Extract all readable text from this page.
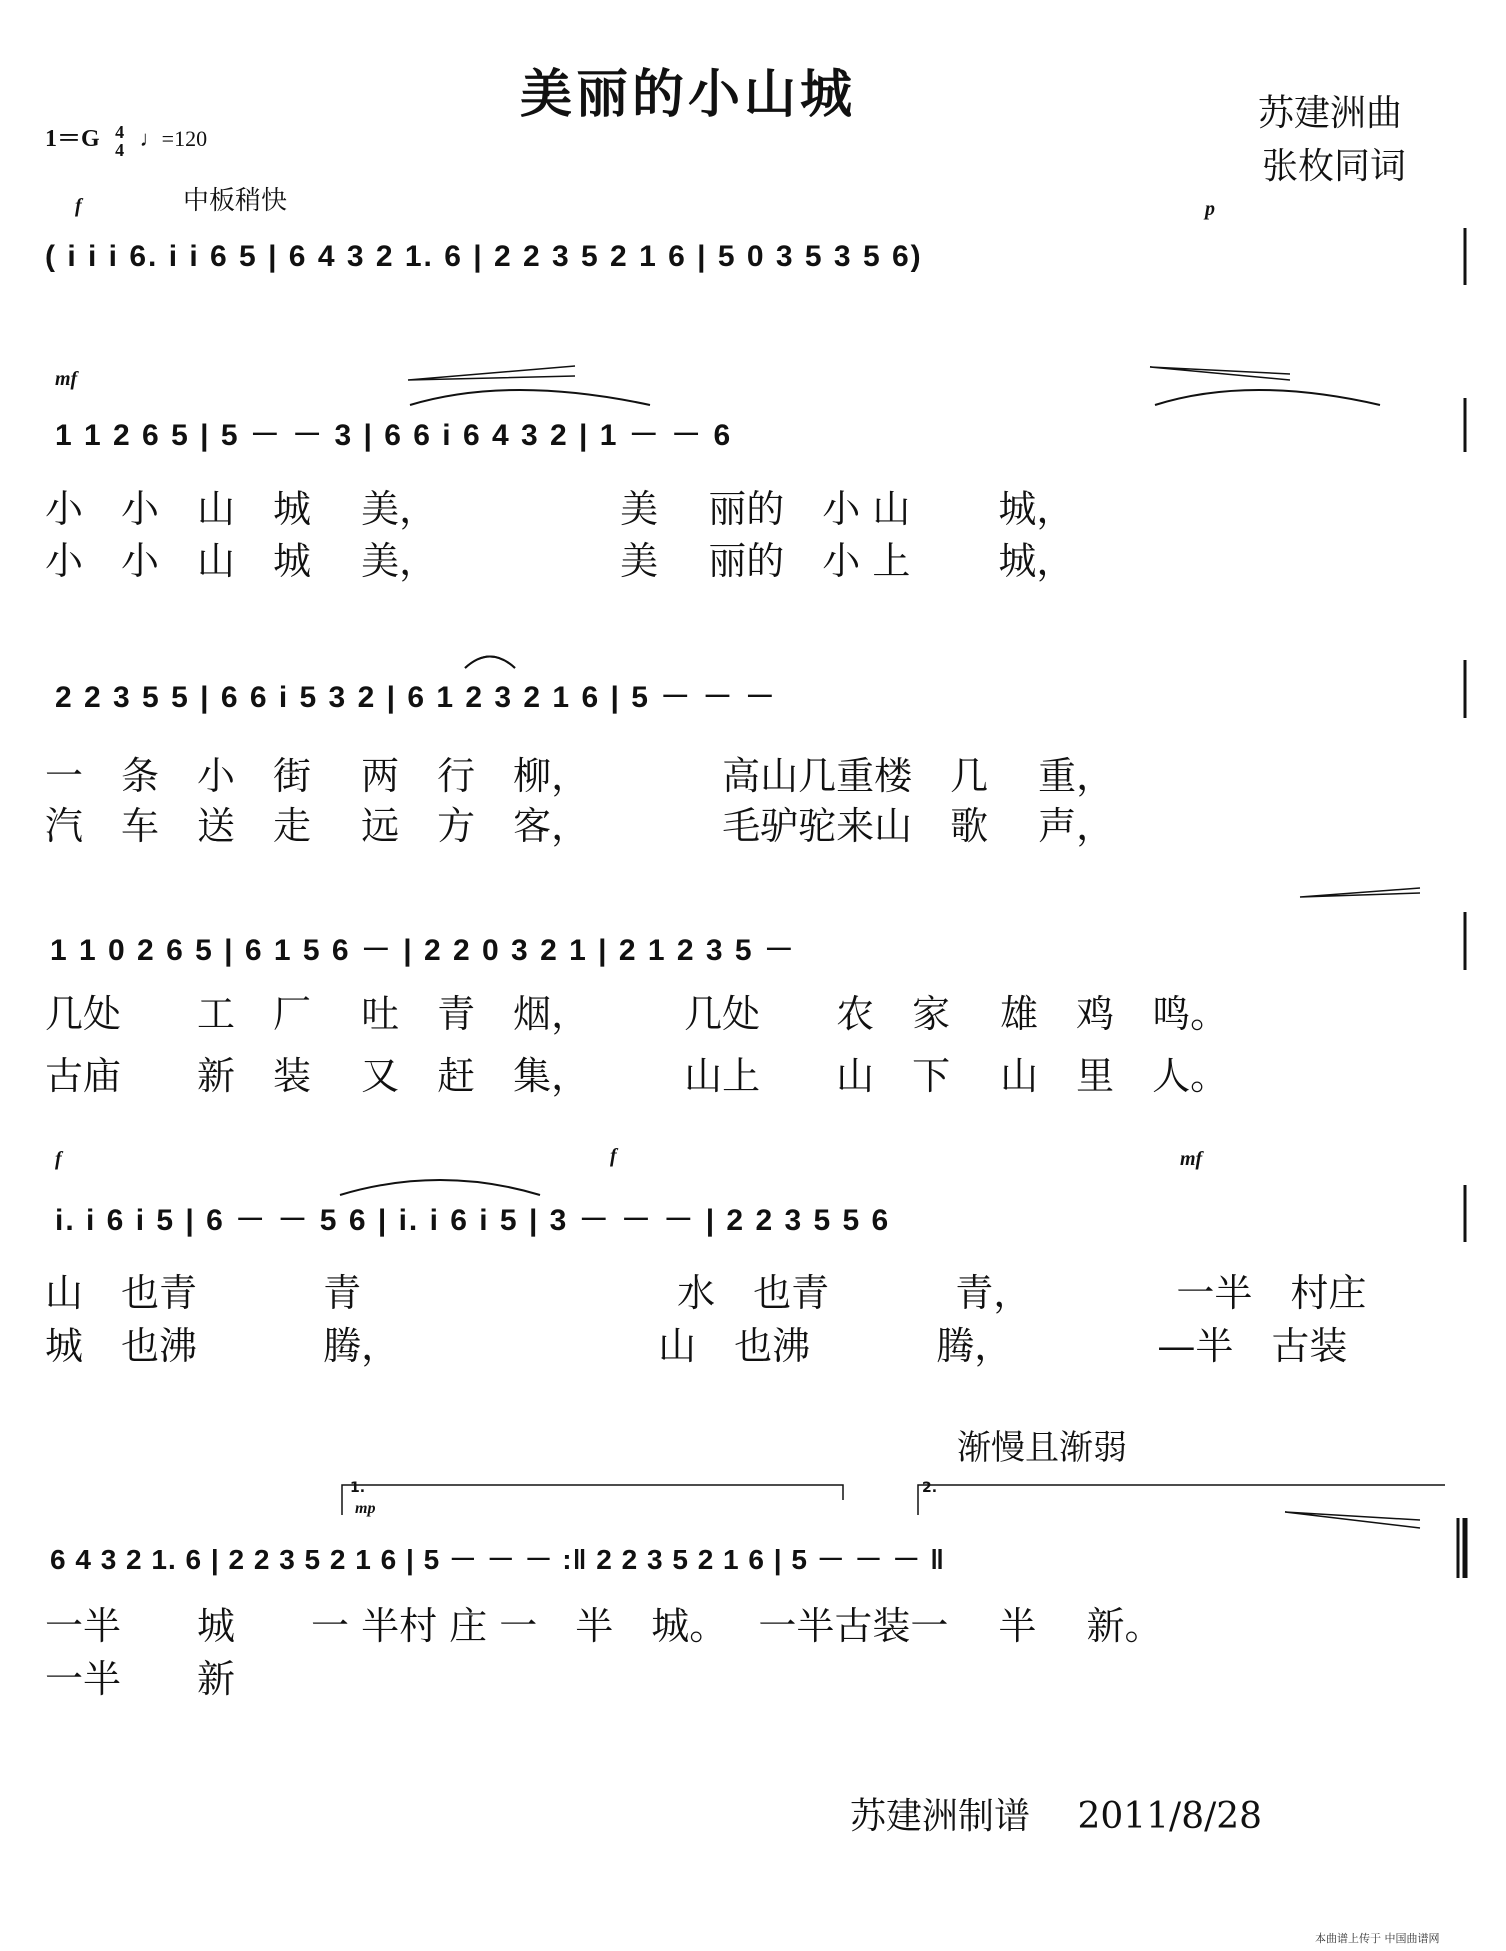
美丽的小山城
1＝G 4
4 ♩=120
苏建洲曲
张枚同词
中板稍快
f	p
( i i i 6. i i 6 5 | 6 4 3 2 1. 6 | 2 2 3 5 2 1 6 | 5 0 3 5 3 5 6)
mf
1 1 2 6 5 | 5 － － 3 | 6 6 i 6 4 3 2 | 1 － － 6
小　小　山　城　 美，　　　　　 美　 丽的　小 山　　 城，
小　小　山　城　 美，　　　　　 美　 丽的　小 上　　 城，
2 2 3 5 5 | 6 6 i 5 3 2 | 6 1 2 3 2 1 6 | 5 － － －
一　条　小　街　 两　行　柳，　　　　高山几重楼　几　 重，
汽　车　送　走　 远　方　客，　　　　毛驴驼来山　歌　 声，
1 1 0 2 6 5 | 6 1 5 6 － | 2 2 0 3 2 1 | 2 1 2 3 5 －
几处　　工　厂　 吐　青　烟，　　　几处　　农　家　 雄　鸡　鸣。
古庙　　新　装　 又　赶　集，　　　山上　　山　下　 山　里　人。
f	f	mf
i. i 6 i 5 | 6 － － 5 6 | i. i 6 i 5 | 3 － － － | 2 2 3 5 5 6
山　也青　　　 青　　　　　　　　 水　也青　　　 青，　　　　 一半　村庄
城　也沸　　　 腾，　　　　　　　 山　也沸　　　 腾，　　　　 —半　古装
渐慢且渐弱
mp
1.	2.
6 4 3 2 1. 6 | 2 2 3 5 2 1 6 | 5 － － － :‖ 2 2 3 5 2 1 6 | 5 － － － ‖
一半　　城　　一 半村 庄 一　半　城。　 一半古装一　 半　 新。
一半　　新
苏建洲制谱　 2011/8/28
本曲谱上传于 中国曲谱网
